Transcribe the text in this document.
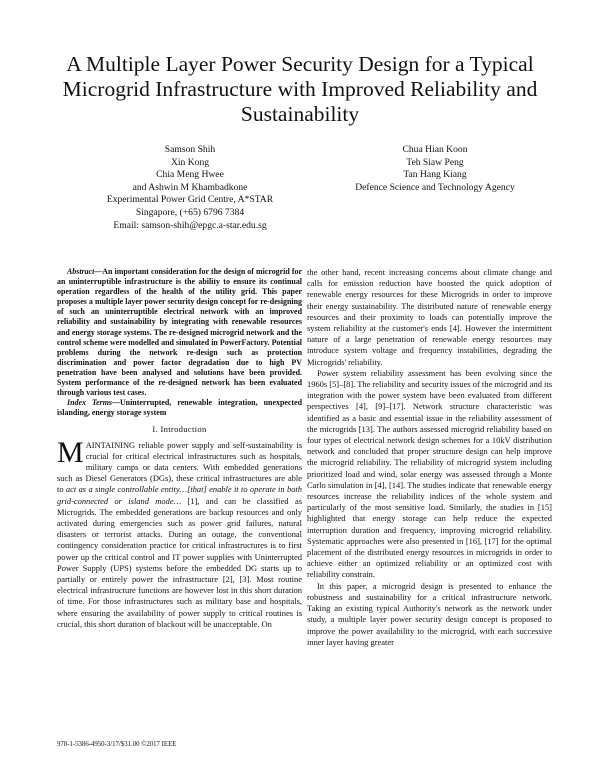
A Multiple Layer Power Security Design for a Typical Microgrid Infrastructure with Improved Reliability and Sustainability
Samson Shih
Xin Kong
Chia Meng Hwee
and Ashwin M Khambadkone
Experimental Power Grid Centre, A*STAR
Singapore, (+65) 6796 7384
Email: samson-shih@epgc.a-star.edu.sg
Chua Hian Koon
Teh Siaw Peng
Tan Hang Kiang
Defence Science and Technology Agency

Abstract—An important consideration for the design of microgrid for an uninterruptible infrastructure is the ability to ensure its continual operation regardless of the health of the utility grid. This paper proposes a multiple layer power security design concept for re-designing of such an uninterruptible electrical network with an improved reliability and sustainability by integrating with renewable resources and energy storage systems. The re-designed microgrid network and the control scheme were modelled and simulated in PowerFactory. Potential problems during the network re-design such as protection discrimination and power factor degradation due to high PV penetration have been analysed and solutions have been provided. System performance of the re-designed network has been evaluated through various test cases.

Index Terms—Uninterrupted, renewable integration, unexpected islanding, energy storage system

I. Introduction

MAINTAINING reliable power supply and self-sustainability is crucial for critical electrical infrastructures such as hospitals, military camps or data centers. With embedded generations such as Diesel Generators (DGs), these critical infrastructures are able to act as a single controllable entity…[that] enable it to operate in both grid-connected or island mode… [1], and can be classified as Microgrids. The embedded generations are backup resources and only activated during emergencies such as power grid failures, natural disasters or terrorist attacks. During an outage, the conventional contingency consideration practice for critical infrastructures is to first power up the critical control and IT power supplies with Uninterrupted Power Supply (UPS) systems before the embedded DG starts up to partially or entirely power the infrastructure [2], [3]. Most routine electrical infrastructure functions are however lost in this short duration of time. For those infrastructures such as military base and hospitals, where ensuring the availability of power supply to critical routines is crucial, this short duration of blackout will be unacceptable. On

the other hand, recent increasing concerns about climate change and calls for emission reduction have boosted the quick adoption of renewable energy resources for these Microgrids in order to improve their energy sustainability. The distributed nature of renewable energy resources and their proximity to loads can potentially improve the system reliability at the customer's ends [4]. However the intermittent nature of a large penetration of renewable energy resources may introduce system voltage and frequency instabilities, degrading the Microgrids' reliability.

Power system reliability assessment has been evolving since the 1960s [5]–[8]. The reliability and security issues of the microgrid and its integration with the power system have been evaluated from different perspectives [4], [9]–[17]. Network structure characteristic was identified as a basic and essential issue in the reliability assessment of the microgrids [13]. The authors assessed microgrid reliability based on four types of electrical network design schemes for a 10kV distribution network and concluded that proper structure design can help improve the microgrid reliability. The reliability of microgrid system including prioritized load and wind, solar energy was assessed through a Monte Carlo simulation in [4], [14]. The studies indicate that renewable energy resources increase the reliability indices of the whole system and particularly of the most sensitive load. Similarly, the studies in [15] highlighted that energy storage can help reduce the expected interruption duration and frequency, improving microgrid reliability. Systematic approaches were also presented in [16], [17] for the optimal placement of the distributed energy resources in microgrids in order to achieve either an optimized reliability or an optimized cost with reliability constrain.

In this paper, a microgrid design is presented to enhance the robustness and sustainability for a critical infrastructure network. Taking an existing typical Authority's network as the network under study, a multiple layer power security design concept is proposed to improve the power availability to the microgrid, with each successive inner layer having greater

978-1-5386-4950-3/17/$31.00 ©2017 IEEE
